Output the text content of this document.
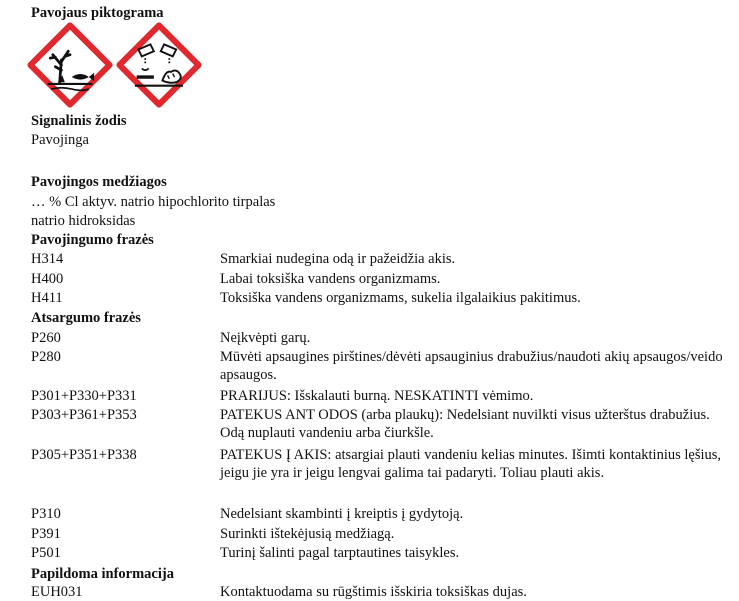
Pavojaus piktograma
Signalinis žodis
Pavojinga
Pavojingos medžiagos
… % Cl aktyv. natrio hipochlorito tirpalas
natrio hidroksidas
Pavojingumo frazės
H314	Smarkiai nudegina odą ir pažeidžia akis.
H400	Labai toksiška vandens organizmams.
H411	Toksiška vandens organizmams, sukelia ilgalaikius pakitimus.
Atsargumo frazės
P260	Neįkvėpti garų.
P280	Mūvėti apsaugines pirštines/dėvėti apsauginius drabužius/naudoti akių apsaugos/veido apsaugos.
P301+P330+P331	PRARIJUS: Išskalauti burną. NESKATINTI vėmimo.
P303+P361+P353	PATEKUS ANT ODOS (arba plaukų): Nedelsiant nuvilkti visus užterštus drabužius. Odą nuplauti vandeniu arba čiurkšle.
P305+P351+P338	PATEKUS Į AKIS: atsargiai plauti vandeniu kelias minutes. Išimti kontaktinius lęšius, jeigu jie yra ir jeigu lengvai galima tai padaryti. Toliau plauti akis.
P310	Nedelsiant skambinti į kreiptis į gydytoją.
P391	Surinkti ištekėjusią medžiagą.
P501	Turinį šalinti pagal tarptautines taisykles.
Papildoma informacija
EUH031	Kontaktuodama su rūgštimis išskiria toksiškas dujas.
